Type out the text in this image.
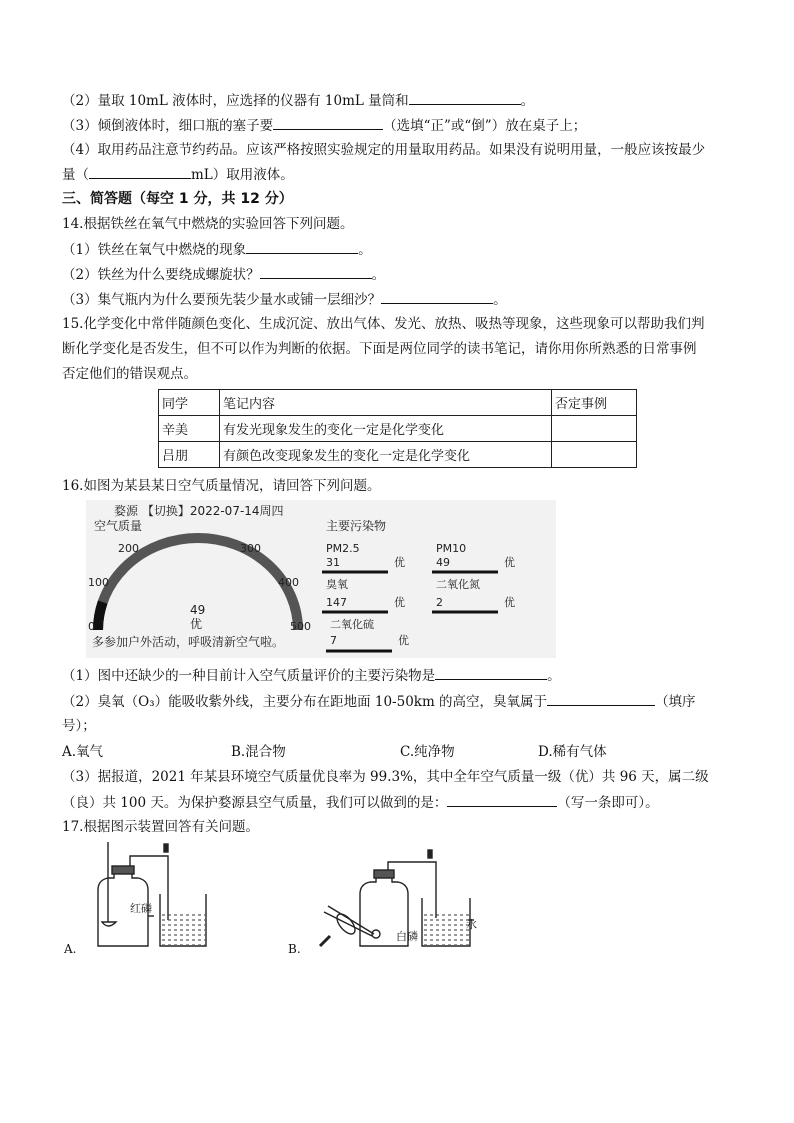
（2）量取 10mL 液体时，应选择的仪器有 10mL 量筒和	。
（3）倾倒液体时，细口瓶的塞子要	（选填“正”或“倒”）放在桌子上；
（4）取用药品注意节约药品。应该严格按照实验规定的用量取用药品。如果没有说明用量，一般应该按最少
量（	mL）取用液体。
三、简答题（每空 1 分，共 12 分）
14.根据铁丝在氧气中燃烧的实验回答下列问题。
（1）铁丝在氧气中燃烧的现象	。
（2）铁丝为什么要绕成螺旋状？	。
（3）集气瓶内为什么要预先装少量水或铺一层细沙？	。
15.化学变化中常伴随颜色变化、生成沉淀、放出气体、发光、放热、吸热等现象，这些现象可以帮助我们判
断化学变化是否发生，但不可以作为判断的依据。下面是两位同学的读书笔记，请你用你所熟悉的日常事例
否定他们的错误观点。
同学	笔记内容	否定事例
辛美	有发光现象发生的变化一定是化学变化	
吕朋	有颜色改变现象发生的变化一定是化学变化	
16.如图为某县某日空气质量情况，请回答下列问题。
婺源 【切换】2022-07-14周四
空气质量
0
100
200	300
400
500
49
优
多参加户外活动，呼吸清新空气啦。
主要污染物
PM2.5
31	优
PM10
49	优
臭氧
147	优
二氧化氮
2	优
二氧化硫
7	优
（1）图中还缺少的一种目前计入空气质量评价的主要污染物是	。
（2）臭氧（O₃）能吸收紫外线，主要分布在距地面 10-50km 的高空，臭氧属于	（填序
号）；
A.氧气	B.混合物	C.纯净物	D.稀有气体
（3）据报道，2021 年某县环境空气质量优良率为 99.3%，其中全年空气质量一级（优）共 96 天，属二级
（良）共 100 天。为保护婺源县空气质量，我们可以做到的是：	（写一条即可）。
17.根据图示装置回答有关问题。
红磷
A.
白磷
水
B.
